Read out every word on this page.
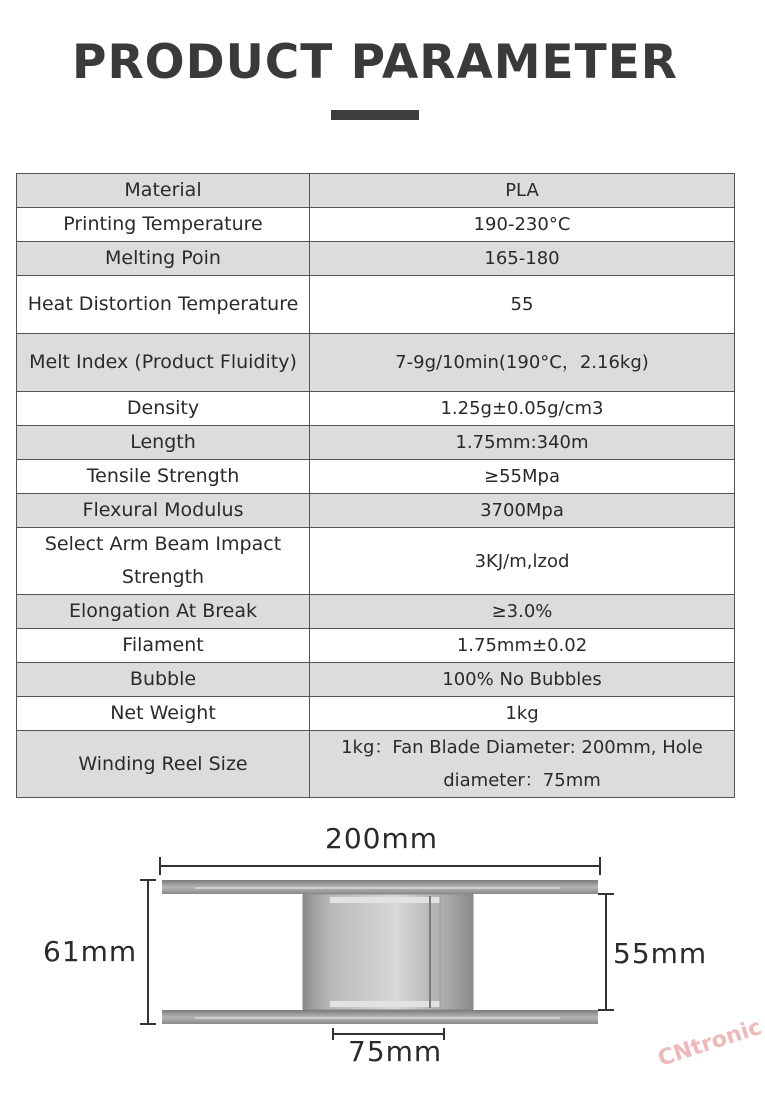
PRODUCT PARAMETER
Material	PLA
Printing Temperature	190-230°C
Melting Poin	165-180
Heat Distortion Temperature	55
Melt Index (Product Fluidity)	7-9g/10min(190°C，2.16kg)
Density	1.25g±0.05g/cm3
Length	1.75mm:340m
Tensile Strength	≥55Mpa
Flexural Modulus	3700Mpa
Select Arm Beam Impact Strength	3KJ/m,lzod
Elongation At Break	≥3.0%
Filament	1.75mm±0.02
Bubble	100% No Bubbles
Net Weight	1kg
Winding Reel Size	1kg：Fan Blade Diameter: 200mm, Hole diameter：75mm
200mm
61mm	55mm
75mm	CNtronic
